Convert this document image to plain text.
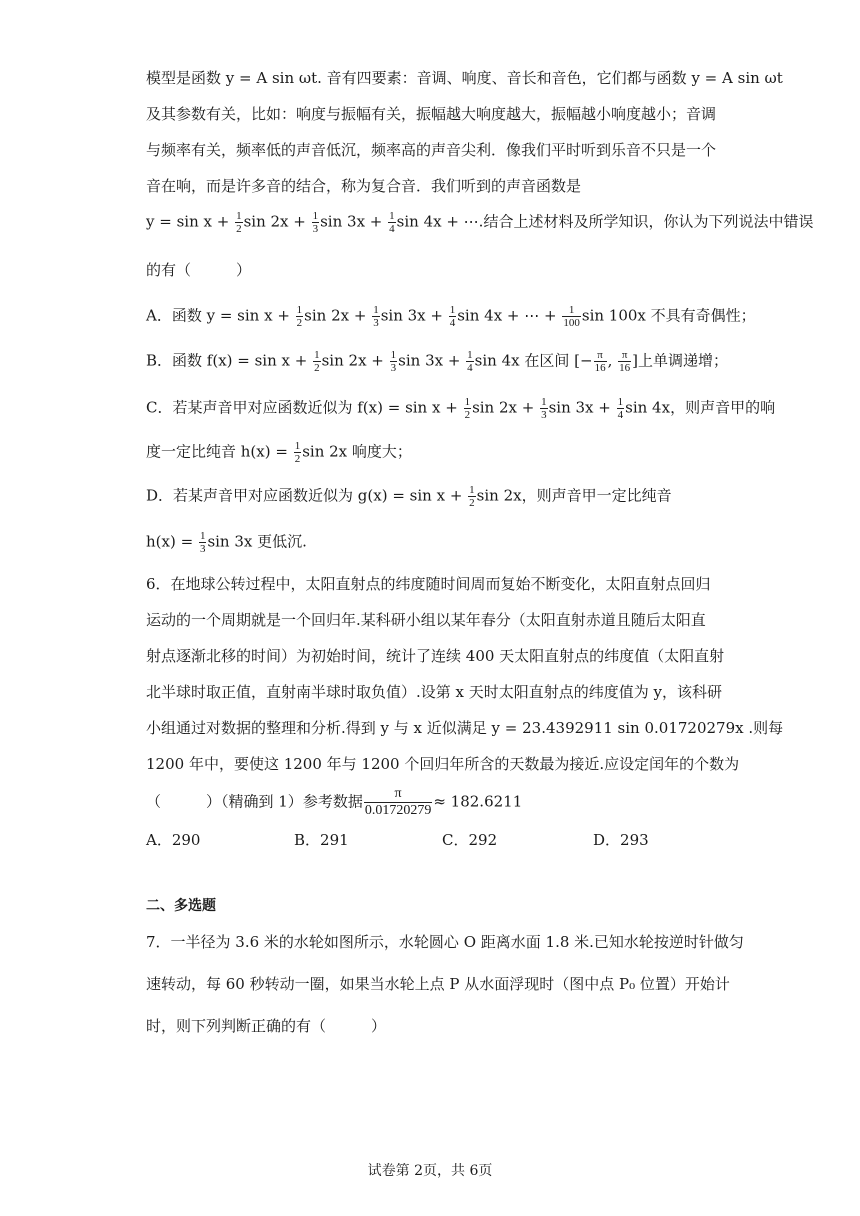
模型是函数 y = A sin ωt. 音有四要素：音调、响度、音长和音色，它们都与函数 y = A sin ωt
及其参数有关，比如：响度与振幅有关，振幅越大响度越大，振幅越小响度越小；音调
与频率有关，频率低的声音低沉，频率高的声音尖利．像我们平时听到乐音不只是一个
音在响，而是许多音的结合，称为复合音．我们听到的声音函数是
$y = \sin x + \frac{1}{2}$ $\sin 2x + \frac{1}{3}$ $\sin 3x + \frac{1}{4}$ sin 4x + ⋯.结合上述材料及所学知识，你认为下列说法中错误
的有（　　　）
A．函数 $y = \sin x + \frac{1}{2}$ $\sin 2x + \frac{1}{3}$ $\sin 3x + \frac{1}{4}$ sin 4x + ⋯ + $\frac{1}{100}$ sin 100x 不具有奇偶性；
B．函数 $f(x) = \sin x + \frac{1}{2}$ $\sin 2x + \frac{1}{3}$ $\sin 3x + \frac{1}{4}$ sin 4x 在区间 [− $\frac{\pi}{16}$ , $\frac{\pi}{16}$ ]上单调递增；
C．若某声音甲对应函数近似为 $f(x) = \sin x + \frac{1}{2}$ $\sin 2x + \frac{1}{3}$ $\sin 3x + \frac{1}{4}$ sin 4x，则声音甲的响
度一定比纯音 $h(x) = \frac{1}{2}$ sin 2x 响度大；
D．若某声音甲对应函数近似为 $g(x) = \sin x + \frac{1}{2}$ sin 2x，则声音甲一定比纯音
$h(x) = \frac{1}{3}$ sin 3x 更低沉.
6．在地球公转过程中，太阳直射点的纬度随时间周而复始不断变化，太阳直射点回归
运动的一个周期就是一个回归年.某科研小组以某年春分（太阳直射赤道且随后太阳直
射点逐渐北移的时间）为初始时间，统计了连续 400 天太阳直射点的纬度值（太阳直射
北半球时取正值，直射南半球时取负值）.设第 x 天时太阳直射点的纬度值为 y，该科研
小组通过对数据的整理和分析.得到 y 与 x 近似满足 y = 23.4392911 sin 0.01720279x .则每
1200 年中，要使这 1200 年与 1200 个回归年所含的天数最为接近.应设定闰年的个数为
（　　　）（精确到 1）参考数据 $\frac{\pi}{0.01720279} \approx 182.6211$
A．290	B．291	C．292	D．293
二、多选题
7．一半径为 3.6 米的水轮如图所示，水轮圆心 O 距离水面 1.8 米.已知水轮按逆时针做匀
速转动，每 60 秒转动一圈，如果当水轮上点 P 从水面浮现时（图中点 P₀ 位置）开始计
时，则下列判断正确的有（　　　）
试卷第 2页，共 6页
